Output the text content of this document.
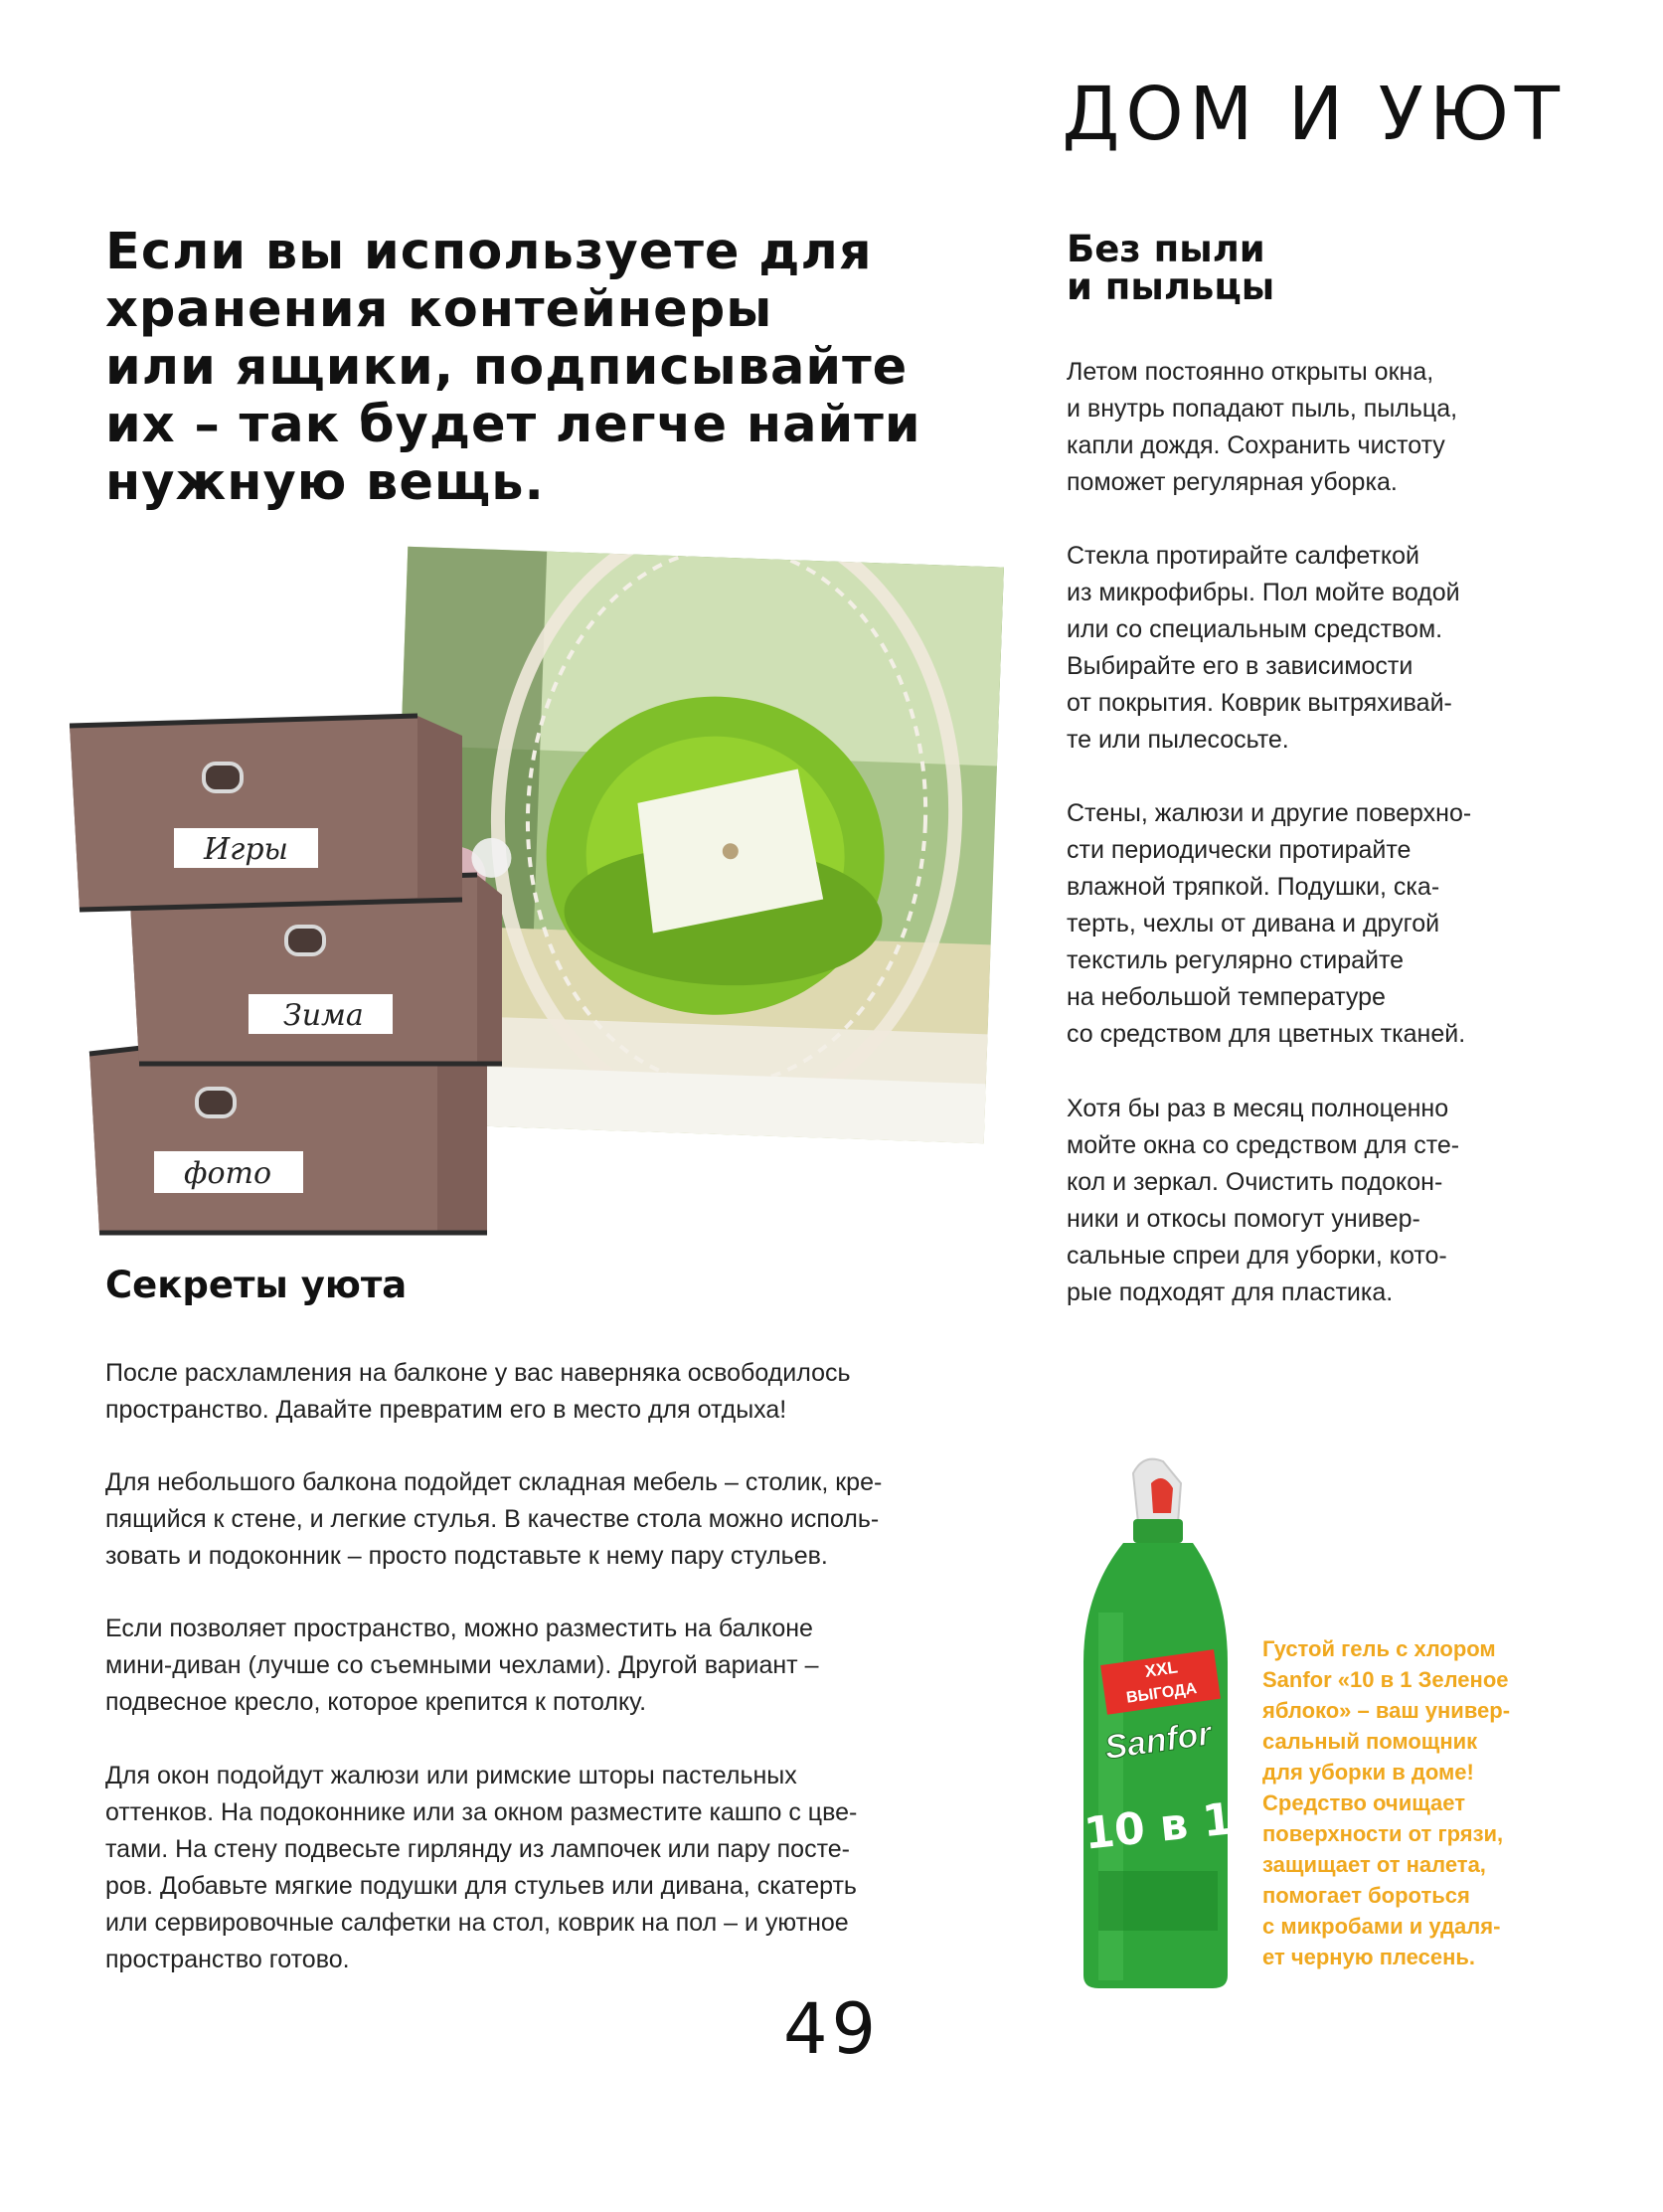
ДОМ И УЮТ
Если вы используете для
хранения контейнеры
или ящики, подписывайте
их – так будет легче найти
нужную вещь.
Без пыли
и пыльцы
Летом постоянно открыты окна,
и внутрь попадают пыль, пыльца,
капли дождя. Сохранить чистоту
поможет регулярная уборка.
Стекла протирайте салфеткой
из микрофибры. Пол мойте водой
или со специальным средством.
Выбирайте его в зависимости
от покрытия. Коврик вытряхивай-
те или пылесосьте.
Стены, жалюзи и другие поверхно-
сти периодически протирайте
влажной тряпкой. Подушки, ска-
терть, чехлы от дивана и другой
текстиль регулярно стирайте
на небольшой температуре
со средством для цветных тканей.
Хотя бы раз в месяц полноценно
мойте окна со средством для сте-
кол и зеркал. Очистить подокон-
ники и откосы помогут универ-
сальные спреи для уборки, кото-
рые подходят для пластика.
Игры
Зима
фото
Секреты уюта
После расхламления на балконе у вас наверняка освободилось
пространство. Давайте превратим его в место для отдыха!
Для небольшого балкона подойдет складная мебель – столик, кре-
пящийся к стене, и легкие стулья. В качестве стола можно исполь-
зовать и подоконник – просто подставьте к нему пару стульев.
Если позволяет пространство, можно разместить на балконе
мини-диван (лучше со съемными чехлами). Другой вариант –
подвесное кресло, которое крепится к потолку.
Для окон подойдут жалюзи или римские шторы пастельных
оттенков. На подоконнике или за окном разместите кашпо с цве-
тами. На стену подвесьте гирлянду из лампочек или пару посте-
ров. Добавьте мягкие подушки для стульев или дивана, скатерть
или сервировочные салфетки на стол, коврик на пол – и уютное
пространство готово.
XXL
ВЫГОДА
Sanfor
10 в 1
Густой гель с хлором
Sanfor «10 в 1 Зеленое
яблоко» – ваш универ-
сальный помощник
для уборки в доме!
Средство очищает
поверхности от грязи,
защищает от налета,
помогает бороться
с микробами и удаля-
ет черную плесень.
49
